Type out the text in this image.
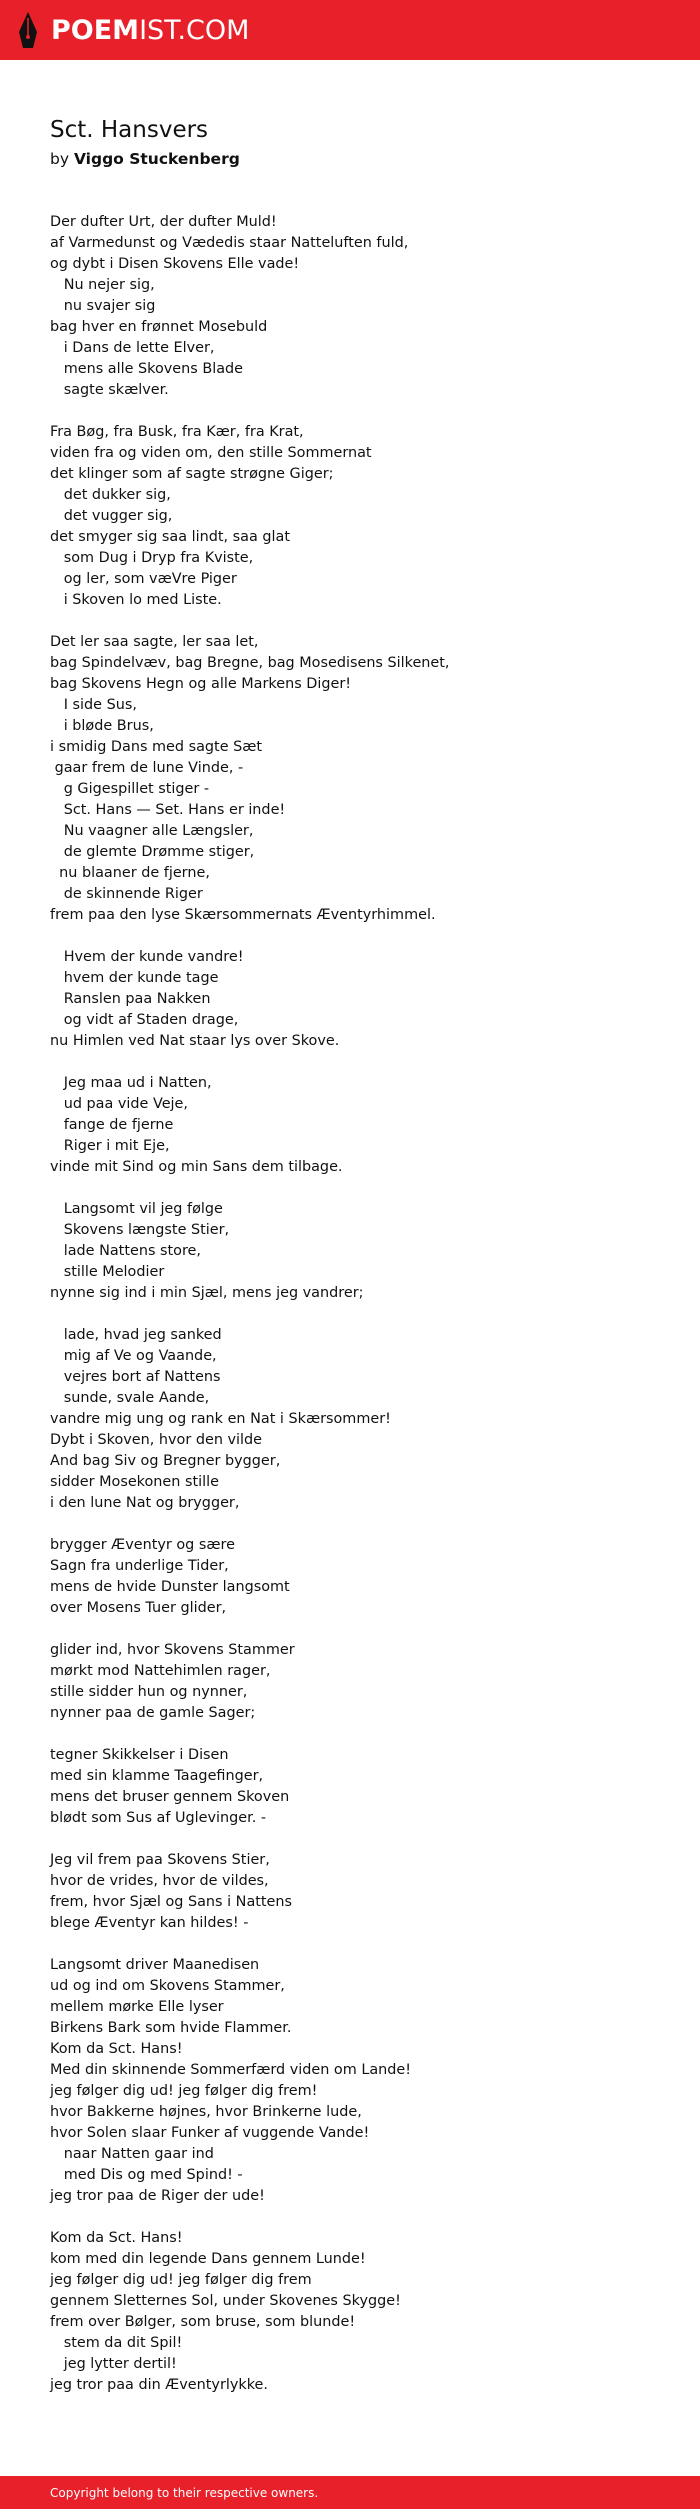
POEMIST.COM
Sct. Hansvers
by Viggo Stuckenberg
Der dufter Urt, der dufter Muld!
af Varmedunst og Vædedis staar Natteluften fuld,
og dybt i Disen Skovens Elle vade!
Nu nejer sig,
nu svajer sig
bag hver en frønnet Mosebuld
i Dans de lette Elver,
mens alle Skovens Blade
sagte skælver.
Fra Bøg, fra Busk, fra Kær, fra Krat,
viden fra og viden om, den stille Sommernat
det klinger som af sagte strøgne Giger;
det dukker sig,
det vugger sig,
det smyger sig saa lindt, saa glat
som Dug i Dryp fra Kviste,
og ler, som væVre Piger
i Skoven lo med Liste.
Det ler saa sagte, ler saa let,
bag Spindelvæv, bag Bregne, bag Mosedisens Silkenet,
bag Skovens Hegn og alle Markens Diger!
I side Sus,
i bløde Brus,
i smidig Dans med sagte Sæt
gaar frem de lune Vinde, -
g Gigespillet stiger -
Sct. Hans — Set. Hans er inde!
Nu vaagner alle Længsler,
de glemte Drømme stiger,
nu blaaner de fjerne,
de skinnende Riger
frem paa den lyse Skærsommernats Æventyrhimmel.
Hvem der kunde vandre!
hvem der kunde tage
Ranslen paa Nakken
og vidt af Staden drage,
nu Himlen ved Nat staar lys over Skove.
Jeg maa ud i Natten,
ud paa vide Veje,
fange de fjerne
Riger i mit Eje,
vinde mit Sind og min Sans dem tilbage.
Langsomt vil jeg følge
Skovens længste Stier,
lade Nattens store,
stille Melodier
nynne sig ind i min Sjæl, mens jeg vandrer;
lade, hvad jeg sanked
mig af Ve og Vaande,
vejres bort af Nattens
sunde, svale Aande,
vandre mig ung og rank en Nat i Skærsommer!
Dybt i Skoven, hvor den vilde
And bag Siv og Bregner bygger,
sidder Mosekonen stille
i den lune Nat og brygger,
brygger Æventyr og sære
Sagn fra underlige Tider,
mens de hvide Dunster langsomt
over Mosens Tuer glider,
glider ind, hvor Skovens Stammer
mørkt mod Nattehimlen rager,
stille sidder hun og nynner,
nynner paa de gamle Sager;
tegner Skikkelser i Disen
med sin klamme Taagefinger,
mens det bruser gennem Skoven
blødt som Sus af Uglevinger. -
Jeg vil frem paa Skovens Stier,
hvor de vrides, hvor de vildes,
frem, hvor Sjæl og Sans i Nattens
blege Æventyr kan hildes! -
Langsomt driver Maanedisen
ud og ind om Skovens Stammer,
mellem mørke Elle lyser
Birkens Bark som hvide Flammer.
Kom da Sct. Hans!
Med din skinnende Sommerfærd viden om Lande!
jeg følger dig ud! jeg følger dig frem!
hvor Bakkerne højnes, hvor Brinkerne lude,
hvor Solen slaar Funker af vuggende Vande!
naar Natten gaar ind
med Dis og med Spind! -
jeg tror paa de Riger der ude!
Kom da Sct. Hans!
kom med din legende Dans gennem Lunde!
jeg følger dig ud! jeg følger dig frem
gennem Sletternes Sol, under Skovenes Skygge!
frem over Bølger, som bruse, som blunde!
stem da dit Spil!
jeg lytter dertil!
jeg tror paa din Æventyrlykke.
Copyright belong to their respective owners.
